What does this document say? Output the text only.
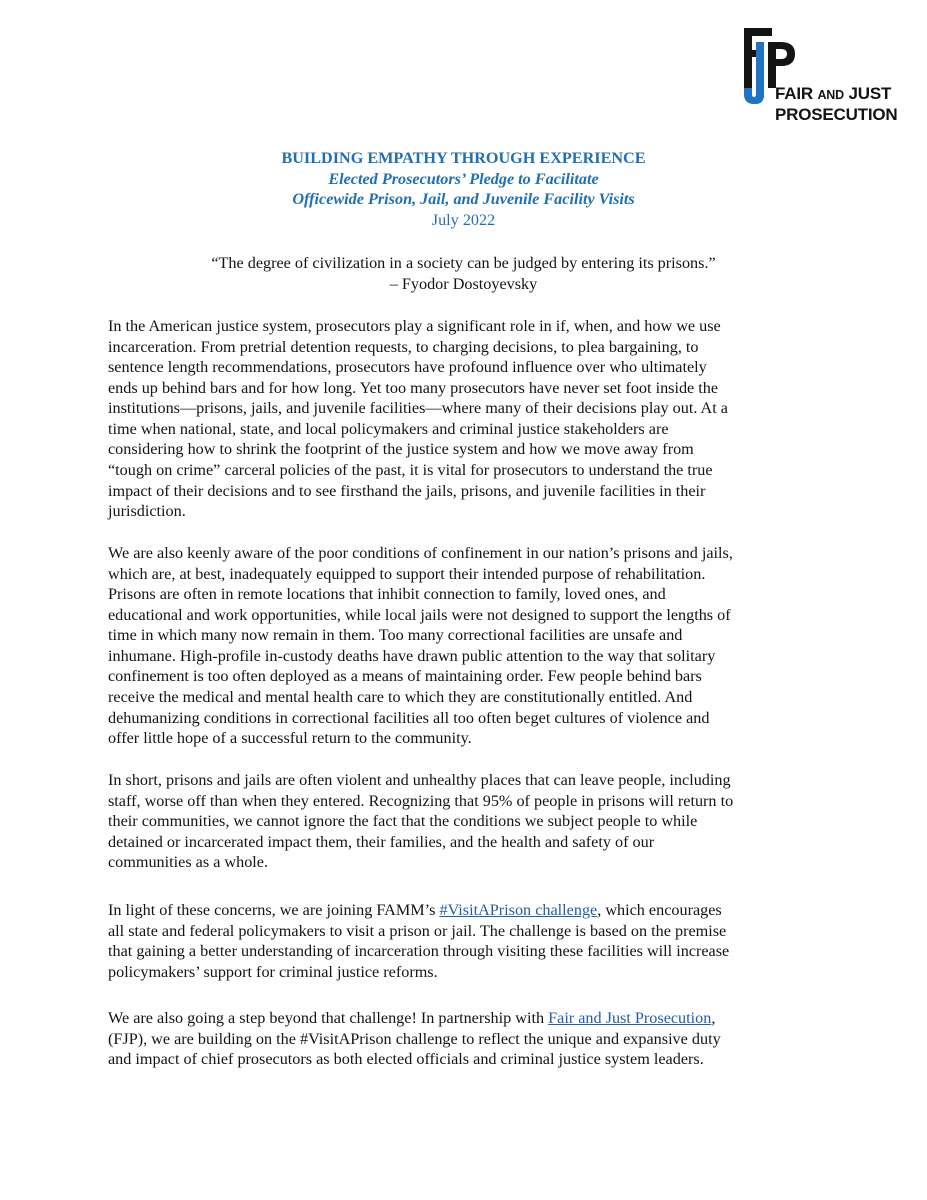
FAIR AND JUST
PROSECUTION
BUILDING EMPATHY THROUGH EXPERIENCE
Elected Prosecutors’ Pledge to Facilitate
Officewide Prison, Jail, and Juvenile Facility Visits
July 2022
“The degree of civilization in a society can be judged by entering its prisons.”
– Fyodor Dostoyevsky
In the American justice system, prosecutors play a significant role in if, when, and how we use
incarceration. From pretrial detention requests, to charging decisions, to plea bargaining, to
sentence length recommendations, prosecutors have profound influence over who ultimately
ends up behind bars and for how long. Yet too many prosecutors have never set foot inside the
institutions—prisons, jails, and juvenile facilities—where many of their decisions play out. At a
time when national, state, and local policymakers and criminal justice stakeholders are
considering how to shrink the footprint of the justice system and how we move away from
“tough on crime” carceral policies of the past, it is vital for prosecutors to understand the true
impact of their decisions and to see firsthand the jails, prisons, and juvenile facilities in their
jurisdiction.
We are also keenly aware of the poor conditions of confinement in our nation’s prisons and jails,
which are, at best, inadequately equipped to support their intended purpose of rehabilitation.
Prisons are often in remote locations that inhibit connection to family, loved ones, and
educational and work opportunities, while local jails were not designed to support the lengths of
time in which many now remain in them. Too many correctional facilities are unsafe and
inhumane. High-profile in-custody deaths have drawn public attention to the way that solitary
confinement is too often deployed as a means of maintaining order. Few people behind bars
receive the medical and mental health care to which they are constitutionally entitled. And
dehumanizing conditions in correctional facilities all too often beget cultures of violence and
offer little hope of a successful return to the community.
In short, prisons and jails are often violent and unhealthy places that can leave people, including
staff, worse off than when they entered. Recognizing that 95% of people in prisons will return to
their communities, we cannot ignore the fact that the conditions we subject people to while
detained or incarcerated impact them, their families, and the health and safety of our
communities as a whole.
In light of these concerns, we are joining FAMM’s #VisitAPrison challenge, which encourages
all state and federal policymakers to visit a prison or jail. The challenge is based on the premise
that gaining a better understanding of incarceration through visiting these facilities will increase
policymakers’ support for criminal justice reforms.
We are also going a step beyond that challenge! In partnership with Fair and Just Prosecution,
(FJP), we are building on the #VisitAPrison challenge to reflect the unique and expansive duty
and impact of chief prosecutors as both elected officials and criminal justice system leaders.
